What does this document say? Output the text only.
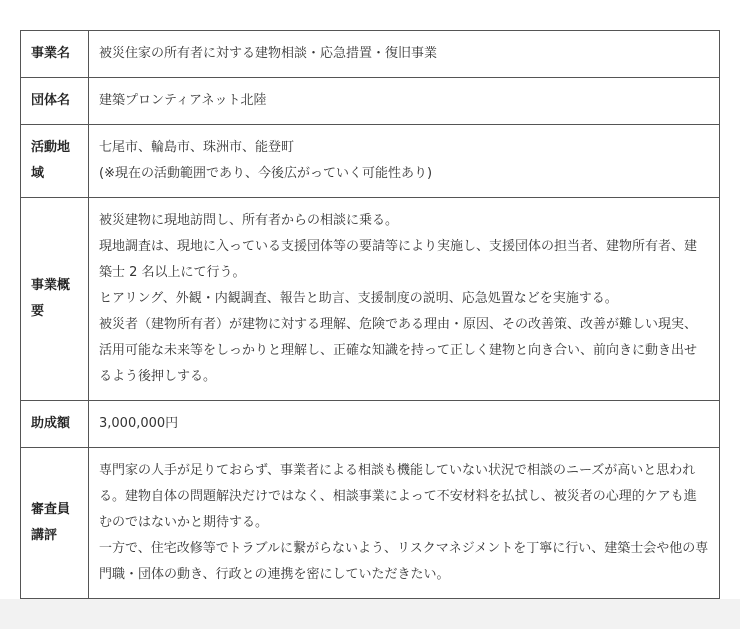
事業名	被災住家の所有者に対する建物相談・応急措置・復旧事業

団体名	建築プロンティアネット北陸

活動地域	七尾市、輪島市、珠洲市、能登町
(※現在の活動範囲であり、今後広がっていく可能性あり)

事業概要	被災建物に現地訪問し、所有者からの相談に乗る。
現地調査は、現地に入っている支援団体等の要請等により実施し、支援団体の担当者、建物所有者、建築士 2 名以上にて行う。
ヒアリング、外観・内観調査、報告と助言、支援制度の説明、応急処置などを実施する。
被災者（建物所有者）が建物に対する理解、危険である理由・原因、その改善策、改善が難しい現実、活用可能な未来等をしっかりと理解し、正確な知識を持って正しく建物と向き合い、前向きに動き出せるよう後押しする。

助成額	3,000,000円

審査員講評	専門家の人手が足りておらず、事業者による相談も機能していない状況で相談のニーズが高いと思われる。建物自体の問題解決だけではなく、相談事業によって不安材料を払拭し、被災者の心理的ケアも進むのではないかと期待する。
一方で、住宅改修等でトラブルに繋がらないよう、リスクマネジメントを丁寧に行い、建築士会や他の専門職・団体の動き、行政との連携を密にしていただきたい。
